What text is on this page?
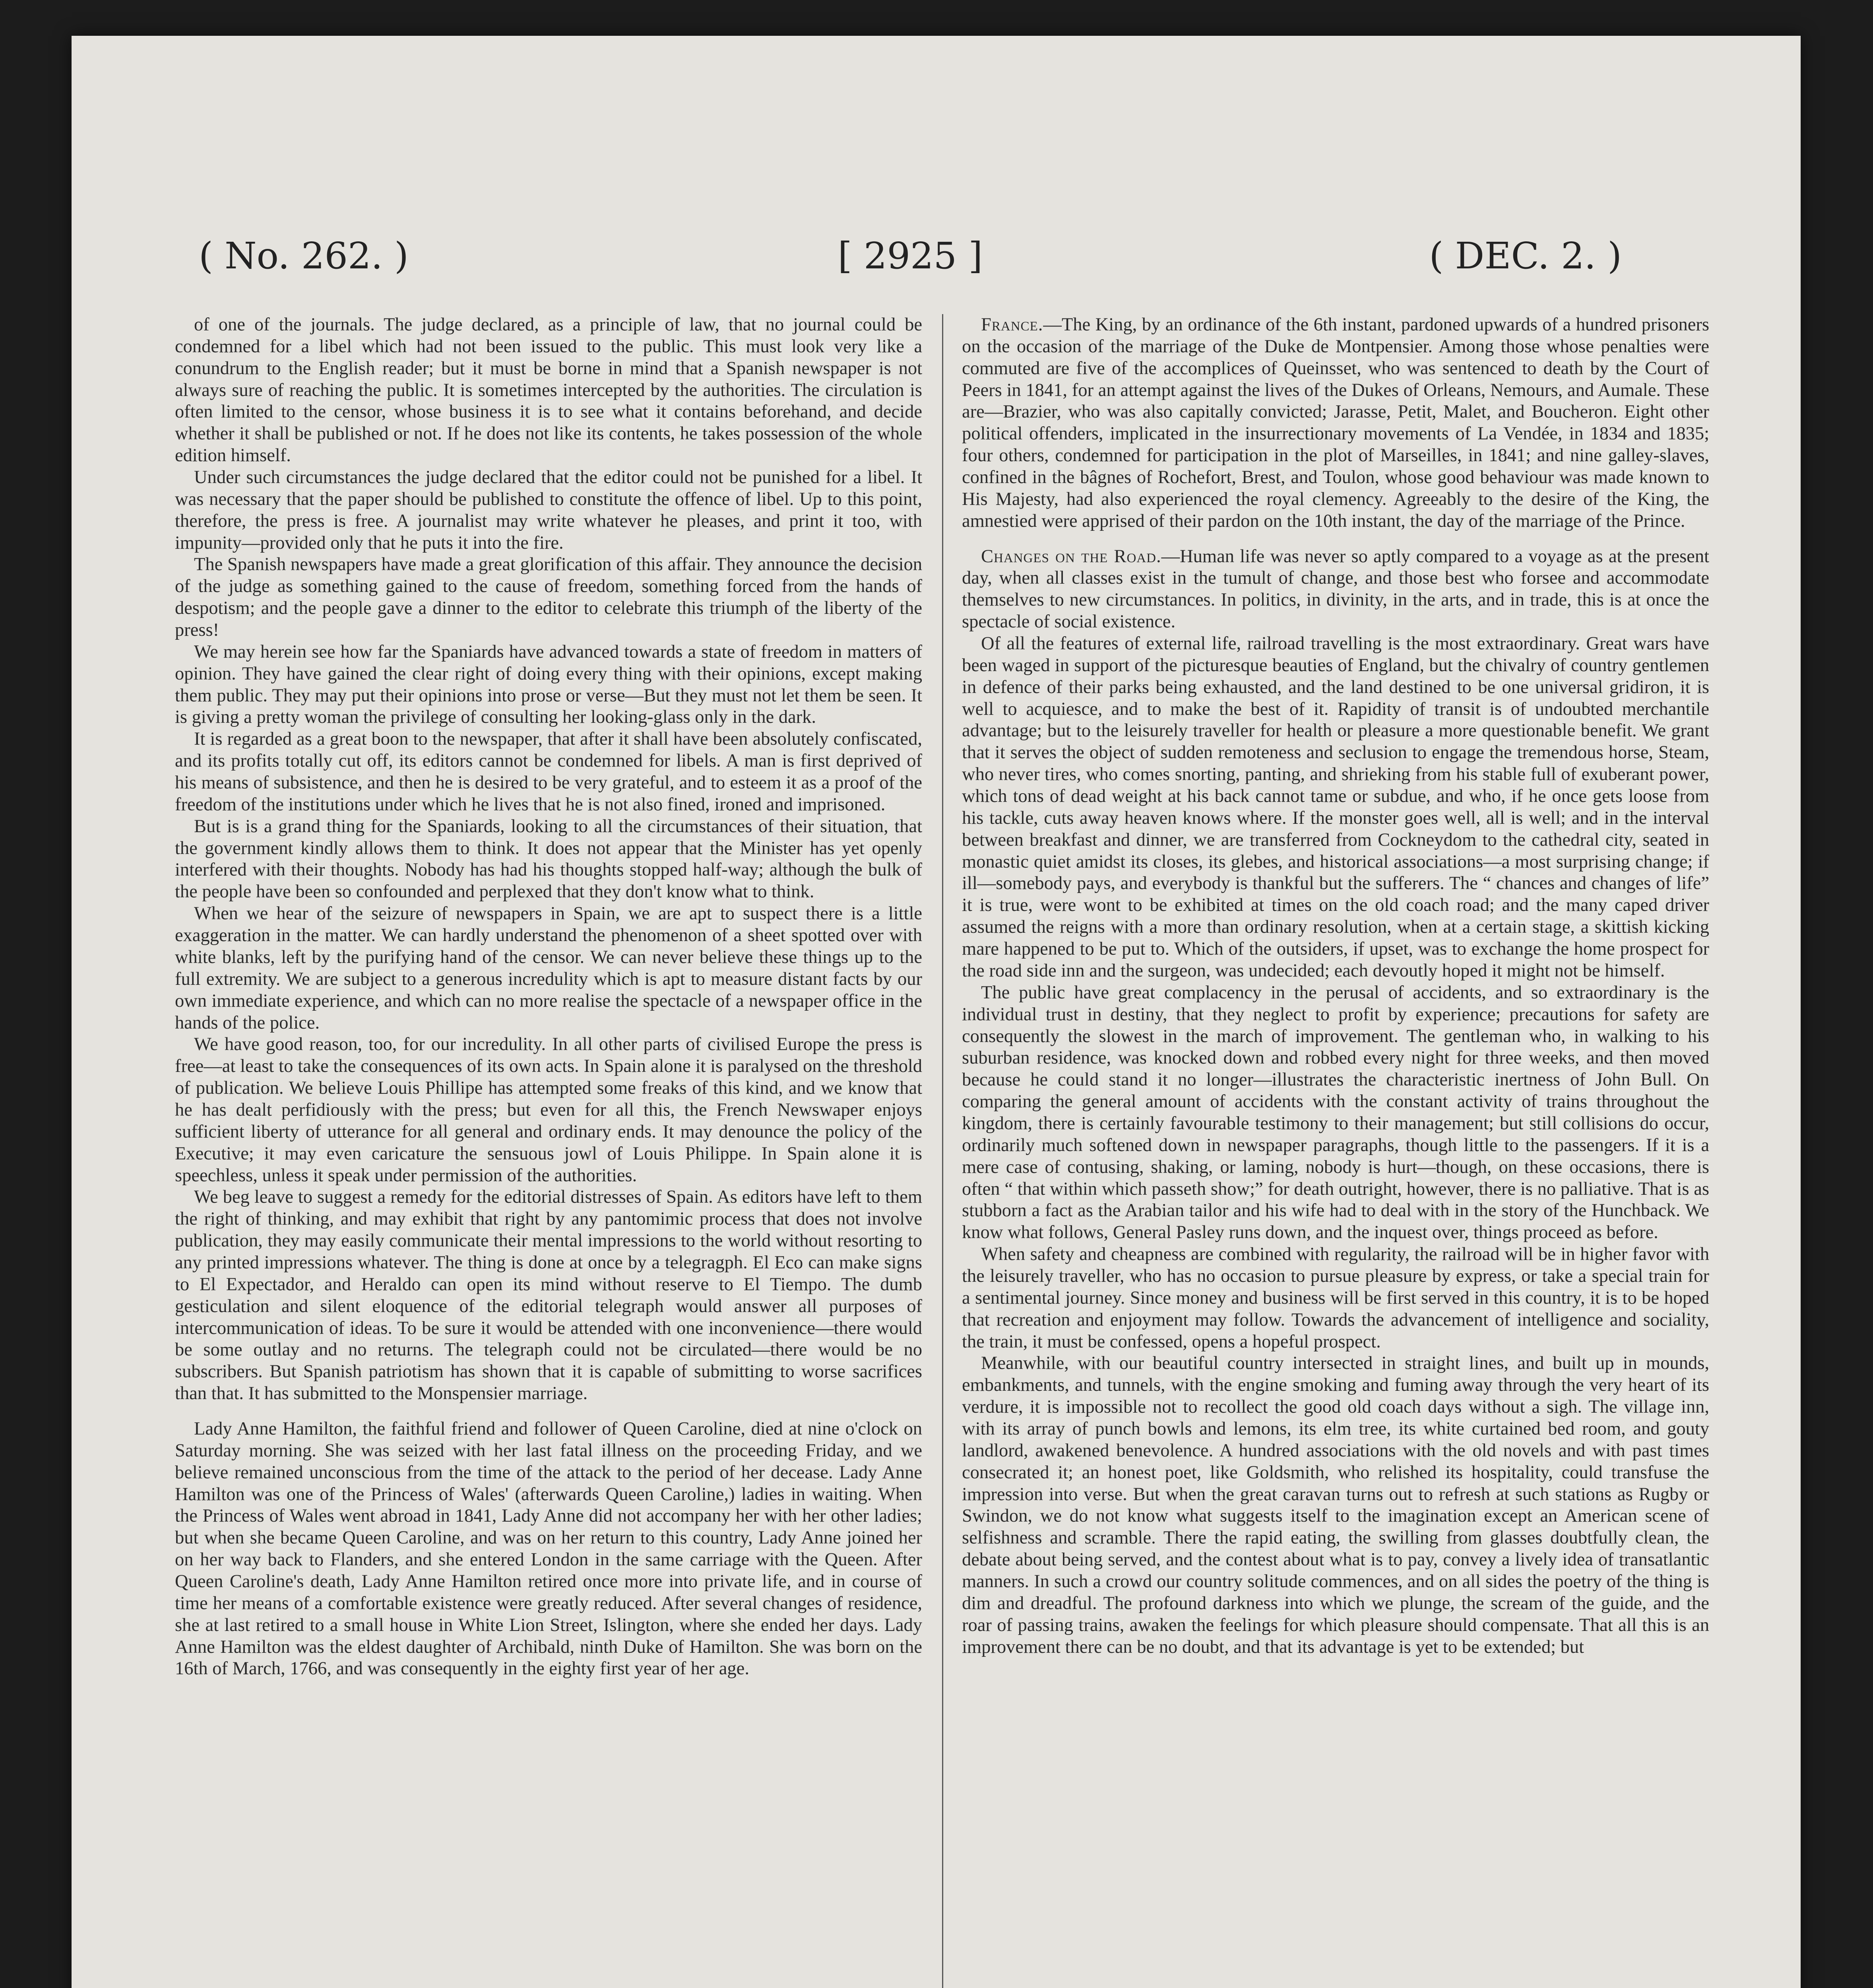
( No. 262. )	[ 2925 ]	( DEC. 2. )

of one of the journals. The judge declared, as a principle of law, that no journal could be condemned for a libel which had not been issued to the public. This must look very like a conundrum to the English reader; but it must be borne in mind that a Spanish newspaper is not always sure of reaching the public. It is sometimes intercepted by the authorities. The circulation is often limited to the censor, whose business it is to see what it contains beforehand, and decide whether it shall be published or not. If he does not like its contents, he takes possession of the whole edition himself.

Under such circumstances the judge declared that the editor could not be punished for a libel. It was necessary that the paper should be published to constitute the offence of libel. Up to this point, therefore, the press is free. A journalist may write whatever he pleases, and print it too, with impunity—provided only that he puts it into the fire.

The Spanish newspapers have made a great glorification of this affair. They announce the decision of the judge as something gained to the cause of freedom, something forced from the hands of despotism; and the people gave a dinner to the editor to celebrate this triumph of the liberty of the press!

We may herein see how far the Spaniards have advanced towards a state of freedom in matters of opinion. They have gained the clear right of doing every thing with their opinions, except making them public. They may put their opinions into prose or verse—But they must not let them be seen. It is giving a pretty woman the privilege of consulting her looking-glass only in the dark.

It is regarded as a great boon to the newspaper, that after it shall have been absolutely confiscated, and its profits totally cut off, its editors cannot be condemned for libels. A man is first deprived of his means of subsistence, and then he is desired to be very grateful, and to esteem it as a proof of the freedom of the institutions under which he lives that he is not also fined, ironed and imprisoned.

But is is a grand thing for the Spaniards, looking to all the circumstances of their situation, that the government kindly allows them to think. It does not appear that the Minister has yet openly interfered with their thoughts. Nobody has had his thoughts stopped half-way; although the bulk of the people have been so confounded and perplexed that they don't know what to think.

When we hear of the seizure of newspapers in Spain, we are apt to suspect there is a little exaggeration in the matter. We can hardly understand the phenomenon of a sheet spotted over with white blanks, left by the purifying hand of the censor. We can never believe these things up to the full extremity. We are subject to a generous incredulity which is apt to measure distant facts by our own immediate experience, and which can no more realise the spectacle of a newspaper office in the hands of the police.

We have good reason, too, for our incredulity. In all other parts of civilised Europe the press is free—at least to take the consequences of its own acts. In Spain alone it is paralysed on the threshold of publication. We believe Louis Phillipe has attempted some freaks of this kind, and we know that he has dealt perfidiously with the press; but even for all this, the French Newswaper enjoys sufficient liberty of utterance for all general and ordinary ends. It may denounce the policy of the Executive; it may even caricature the sensuous jowl of Louis Philippe. In Spain alone it is speechless, unless it speak under permission of the authorities.

We beg leave to suggest a remedy for the editorial distresses of Spain. As editors have left to them the right of thinking, and may exhibit that right by any pantomimic process that does not involve publication, they may easily communicate their mental impressions to the world without resorting to any printed impressions whatever. The thing is done at once by a telegragph. El Eco can make signs to El Expectador, and Heraldo can open its mind without reserve to El Tiempo. The dumb gesticulation and silent eloquence of the editorial telegraph would answer all purposes of intercommunication of ideas. To be sure it would be attended with one inconvenience—there would be some outlay and no returns. The telegraph could not be circulated—there would be no subscribers. But Spanish patriotism has shown that it is capable of submitting to worse sacrifices than that. It has submitted to the Monspensier marriage.

Lady Anne Hamilton, the faithful friend and follower of Queen Caroline, died at nine o'clock on Saturday morning. She was seized with her last fatal illness on the proceeding Friday, and we believe remained unconscious from the time of the attack to the period of her decease. Lady Anne Hamilton was one of the Princess of Wales' (afterwards Queen Caroline,) ladies in waiting. When the Princess of Wales went abroad in 1841, Lady Anne did not accompany her with her other ladies; but when she became Queen Caroline, and was on her return to this country, Lady Anne joined her on her way back to Flanders, and she entered London in the same carriage with the Queen. After Queen Caroline's death, Lady Anne Hamilton retired once more into private life, and in course of time her means of a comfortable existence were greatly reduced. After several changes of residence, she at last retired to a small house in White Lion Street, Islington, where she ended her days. Lady Anne Hamilton was the eldest daughter of Archibald, ninth Duke of Hamilton. She was born on the 16th of March, 1766, and was consequently in the eighty first year of her age.

France.—The King, by an ordinance of the 6th instant, pardoned upwards of a hundred prisoners on the occasion of the marriage of the Duke de Montpensier. Among those whose penalties were commuted are five of the accomplices of Queinsset, who was sentenced to death by the Court of Peers in 1841, for an attempt against the lives of the Dukes of Orleans, Nemours, and Aumale. These are—Brazier, who was also capitally convicted; Jarasse, Petit, Malet, and Boucheron. Eight other political offenders, implicated in the insurrectionary movements of La Vendée, in 1834 and 1835; four others, condemned for participation in the plot of Marseilles, in 1841; and nine galley-slaves, confined in the bâgnes of Rochefort, Brest, and Toulon, whose good behaviour was made known to His Majesty, had also experienced the royal clemency. Agreeably to the desire of the King, the amnestied were apprised of their pardon on the 10th instant, the day of the marriage of the Prince.

Changes on the Road.—Human life was never so aptly compared to a voyage as at the present day, when all classes exist in the tumult of change, and those best who forsee and accommodate themselves to new circumstances. In politics, in divinity, in the arts, and in trade, this is at once the spectacle of social existence.

Of all the features of external life, railroad travelling is the most extraordinary. Great wars have been waged in support of the picturesque beauties of England, but the chivalry of country gentlemen in defence of their parks being exhausted, and the land destined to be one universal gridiron, it is well to acquiesce, and to make the best of it. Rapidity of transit is of undoubted merchantile advantage; but to the leisurely traveller for health or pleasure a more questionable benefit. We grant that it serves the object of sudden remoteness and seclusion to engage the tremendous horse, Steam, who never tires, who comes snorting, panting, and shrieking from his stable full of exuberant power, which tons of dead weight at his back cannot tame or subdue, and who, if he once gets loose from his tackle, cuts away heaven knows where. If the monster goes well, all is well; and in the interval between breakfast and dinner, we are transferred from Cockneydom to the cathedral city, seated in monastic quiet amidst its closes, its glebes, and historical associations—a most surprising change; if ill—somebody pays, and everybody is thankful but the sufferers. The “ chances and changes of life” it is true, were wont to be exhibited at times on the old coach road; and the many caped driver assumed the reigns with a more than ordinary resolution, when at a certain stage, a skittish kicking mare happened to be put to. Which of the outsiders, if upset, was to exchange the home prospect for the road side inn and the surgeon, was undecided; each devoutly hoped it might not be himself.

The public have great complacency in the perusal of accidents, and so extraordinary is the individual trust in destiny, that they neglect to profit by experience; precautions for safety are consequently the slowest in the march of improvement. The gentleman who, in walking to his suburban residence, was knocked down and robbed every night for three weeks, and then moved because he could stand it no longer—illustrates the characteristic inertness of John Bull. On comparing the general amount of accidents with the constant activity of trains throughout the kingdom, there is certainly favourable testimony to their management; but still collisions do occur, ordinarily much softened down in newspaper paragraphs, though little to the passengers. If it is a mere case of contusing, shaking, or laming, nobody is hurt—though, on these occasions, there is often “ that within which passeth show;” for death outright, however, there is no palliative. That is as stubborn a fact as the Arabian tailor and his wife had to deal with in the story of the Hunchback. We know what follows, General Pasley runs down, and the inquest over, things proceed as before.

When safety and cheapness are combined with regularity, the railroad will be in higher favor with the leisurely traveller, who has no occasion to pursue pleasure by express, or take a special train for a sentimental journey. Since money and business will be first served in this country, it is to be hoped that recreation and enjoyment may follow. Towards the advancement of intelligence and sociality, the train, it must be confessed, opens a hopeful prospect.

Meanwhile, with our beautiful country intersected in straight lines, and built up in mounds, embankments, and tunnels, with the engine smoking and fuming away through the very heart of its verdure, it is impossible not to recollect the good old coach days without a sigh. The village inn, with its array of punch bowls and lemons, its elm tree, its white curtained bed room, and gouty landlord, awakened benevolence. A hundred associations with the old novels and with past times consecrated it; an honest poet, like Goldsmith, who relished its hospitality, could transfuse the impression into verse. But when the great caravan turns out to refresh at such stations as Rugby or Swindon, we do not know what suggests itself to the imagination except an American scene of selfishness and scramble. There the rapid eating, the swilling from glasses doubtfully clean, the debate about being served, and the contest about what is to pay, convey a lively idea of transatlantic manners. In such a crowd our country solitude commences, and on all sides the poetry of the thing is dim and dreadful. The profound darkness into which we plunge, the scream of the guide, and the roar of passing trains, awaken the feelings for which pleasure should compensate. That all this is an improvement there can be no doubt, and that its advantage is yet to be extended; but
